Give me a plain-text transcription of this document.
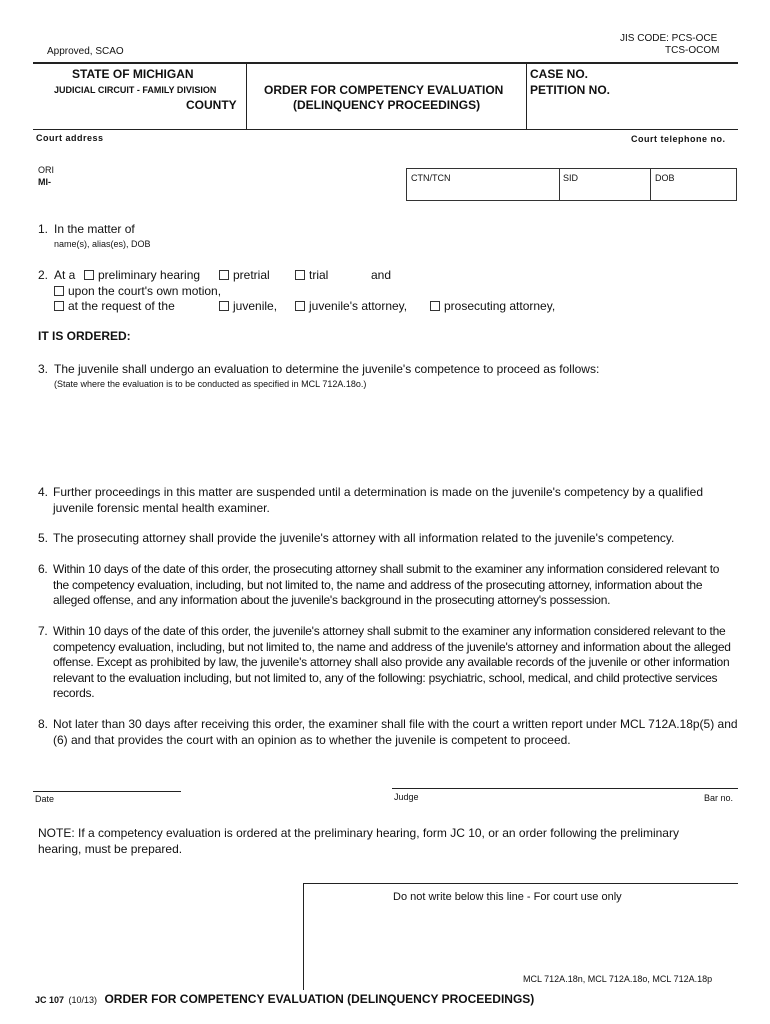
JIS CODE: PCS-OCE
TCS-OCOM
Approved, SCAO
STATE OF MICHIGAN
JUDICIAL CIRCUIT - FAMILY DIVISION
COUNTY
ORDER FOR COMPETENCY EVALUATION
(DELINQUENCY PROCEEDINGS)
CASE NO.
PETITION NO.
Court address	Court telephone no.
ORI
MI-	CTN/TCN	SID	DOB
1. In the matter of
name(s), alias(es), DOB
2. At a	preliminary hearing	pretrial	trial	and
upon the court's own motion,
at the request of the	juvenile,	juvenile's attorney,	prosecuting attorney,
IT IS ORDERED:
3. The juvenile shall undergo an evaluation to determine the juvenile's competence to proceed as follows:
(State where the evaluation is to be conducted as specified in MCL 712A.18o.)
4. Further proceedings in this matter are suspended until a determination is made on the juvenile's competency by a qualified juvenile forensic mental health examiner.
5. The prosecuting attorney shall provide the juvenile's attorney with all information related to the juvenile's competency.
6. Within 10 days of the date of this order, the prosecuting attorney shall submit to the examiner any information considered relevant to the competency evaluation, including, but not limited to, the name and address of the prosecuting attorney, information about the alleged offense, and any information about the juvenile's background in the prosecuting attorney's possession.
7. Within 10 days of the date of this order, the juvenile's attorney shall submit to the examiner any information considered relevant to the competency evaluation, including, but not limited to, the name and address of the juvenile's attorney and information about the alleged offense. Except as prohibited by law, the juvenile's attorney shall also provide any available records of the juvenile or other information relevant to the evaluation including, but not limited to, any of the following: psychiatric, school, medical, and child protective services records.
8. Not later than 30 days after receiving this order, the examiner shall file with the court a written report under MCL 712A.18p(5) and (6) and that provides the court with an opinion as to whether the juvenile is competent to proceed.
Date	Judge	Bar no.
NOTE: If a competency evaluation is ordered at the preliminary hearing, form JC 10, or an order following the preliminary hearing, must be prepared.
Do not write below this line - For court use only
MCL 712A.18n, MCL 712A.18o, MCL 712A.18p
JC 107 (10/13) ORDER FOR COMPETENCY EVALUATION (DELINQUENCY PROCEEDINGS)
